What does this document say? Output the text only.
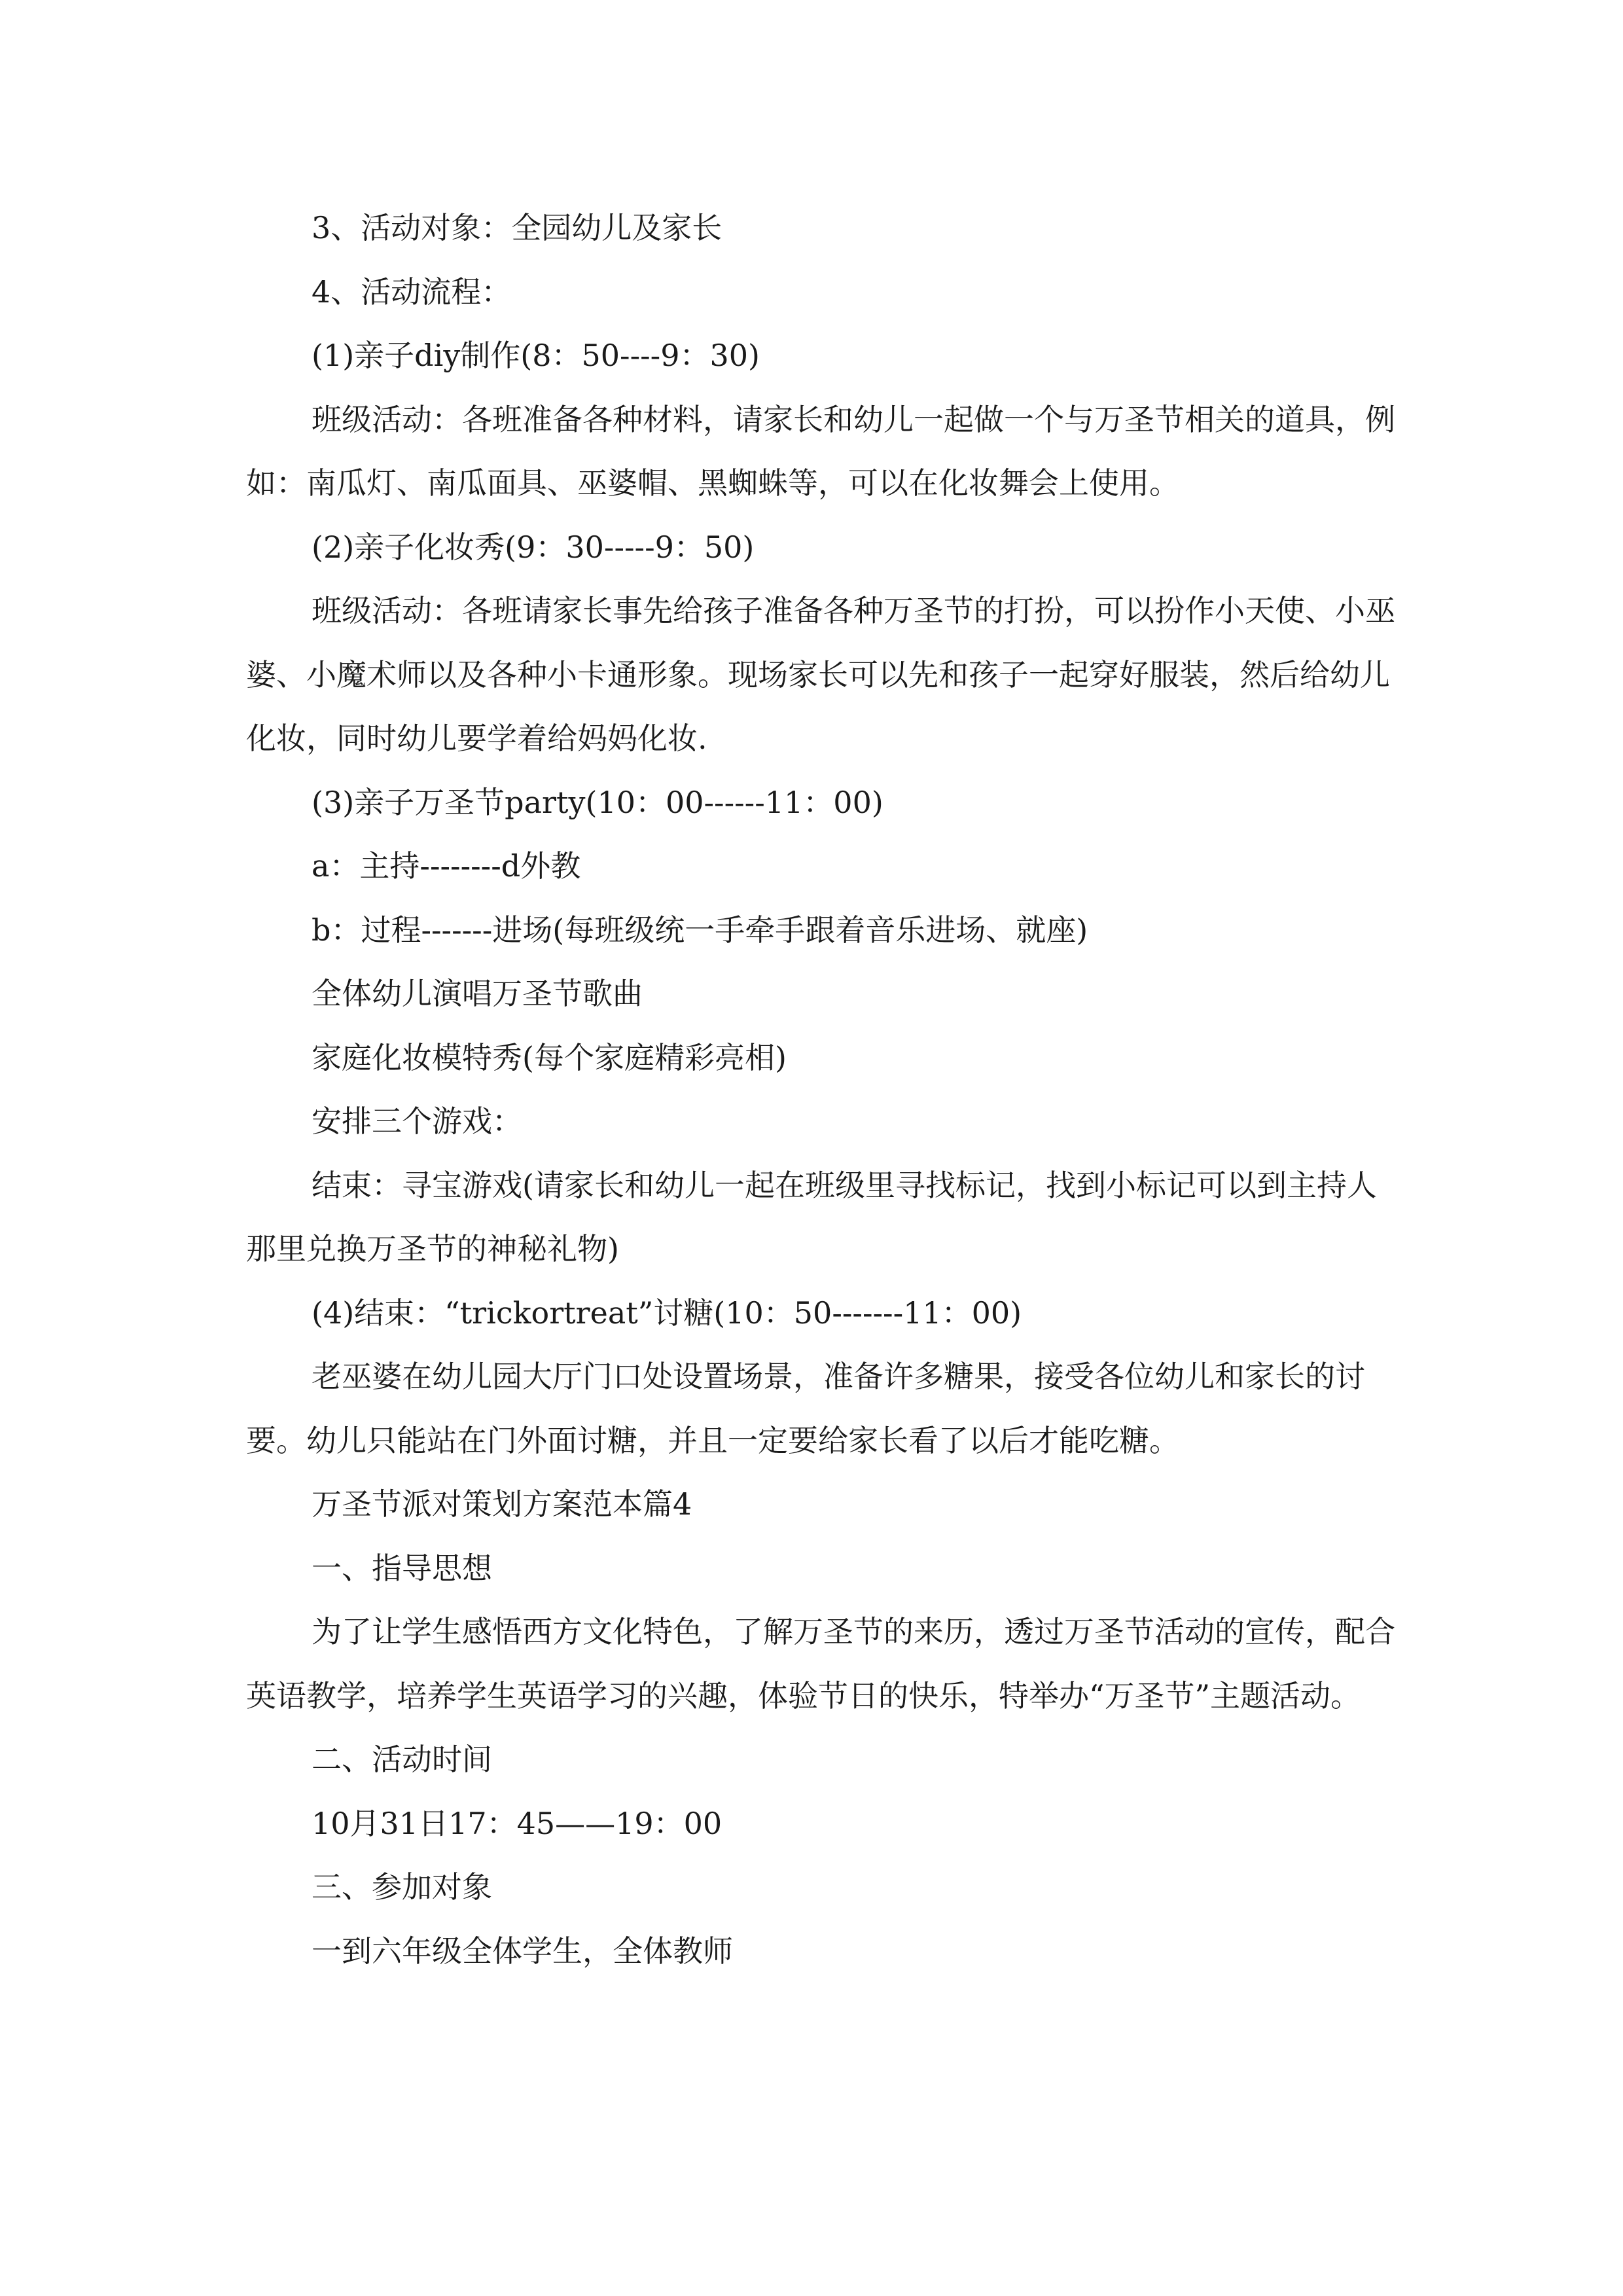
3、活动对象：全园幼儿及家长

4、活动流程：

(1)亲子diy制作(8：50----9：30)

班级活动：各班准备各种材料，请家长和幼儿一起做一个与万圣节相关的道具，例如：南瓜灯、南瓜面具、巫婆帽、黑蜘蛛等，可以在化妆舞会上使用。

(2)亲子化妆秀(9：30-----9：50)

班级活动：各班请家长事先给孩子准备各种万圣节的打扮，可以扮作小天使、小巫婆、小魔术师以及各种小卡通形象。现场家长可以先和孩子一起穿好服装，然后给幼儿化妆，同时幼儿要学着给妈妈化妆.

(3)亲子万圣节party(10：00------11：00)

a：主持--------d外教

b：过程-------进场(每班级统一手牵手跟着音乐进场、就座)

全体幼儿演唱万圣节歌曲

家庭化妆模特秀(每个家庭精彩亮相)

安排三个游戏：

结束：寻宝游戏(请家长和幼儿一起在班级里寻找标记，找到小标记可以到主持人那里兑换万圣节的神秘礼物)

(4)结束：“trickortreat”讨糖(10：50-------11：00)

老巫婆在幼儿园大厅门口处设置场景，准备许多糖果，接受各位幼儿和家长的讨要。幼儿只能站在门外面讨糖，并且一定要给家长看了以后才能吃糖。

万圣节派对策划方案范本篇4

一、指导思想

为了让学生感悟西方文化特色，了解万圣节的来历，透过万圣节活动的宣传，配合英语教学，培养学生英语学习的兴趣，体验节日的快乐，特举办“万圣节”主题活动。

二、活动时间

10月31日17：45——19：00

三、参加对象

一到六年级全体学生，全体教师
